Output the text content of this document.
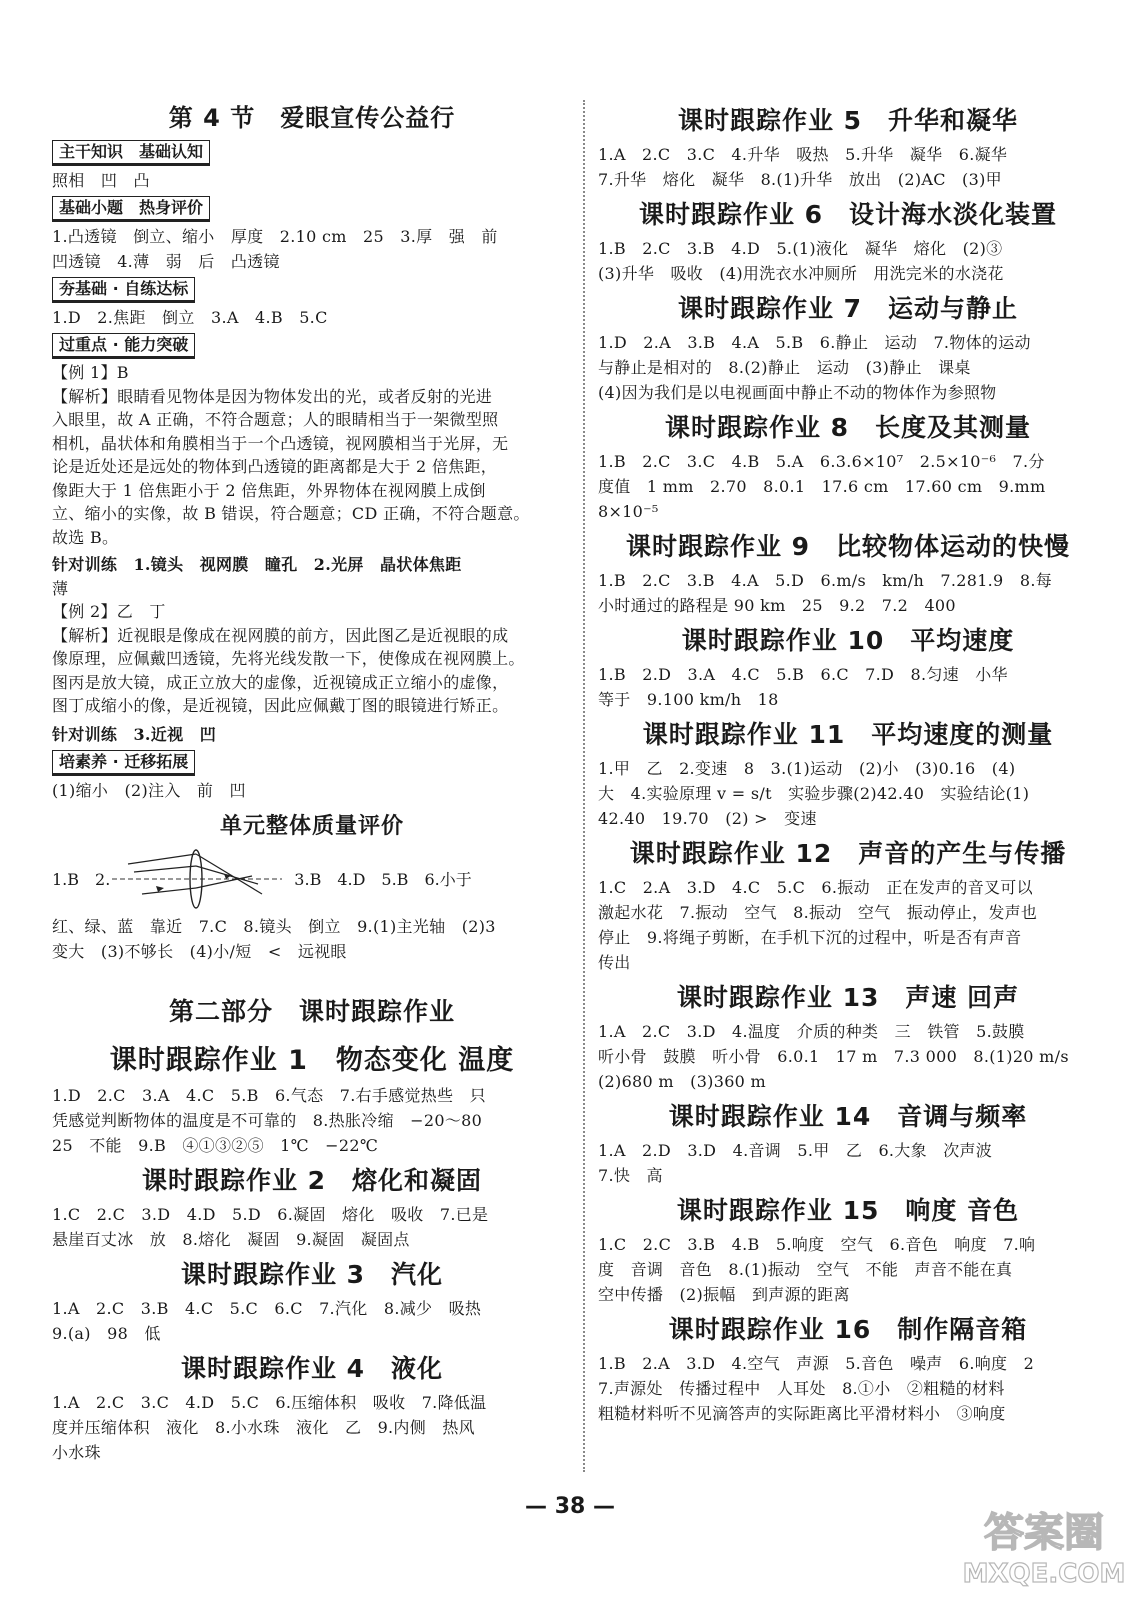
第 4 节　爱眼宣传公益行
主干知识　基础认知

照相　凹　凸

基础小题　热身评价

1.凸透镜　倒立、缩小　厚度　2.10 cm　25　3.厚　强　前

凹透镜　4.薄　弱　后　凸透镜

夯基础 · 自练达标

1.D　2.焦距　倒立　3.A　4.B　5.C

过重点 · 能力突破

【例 1】B

【解析】眼睛看见物体是因为物体发出的光，或者反射的光进

入眼里，故 A 正确，不符合题意；人的眼睛相当于一架微型照

相机，晶状体和角膜相当于一个凸透镜，视网膜相当于光屏，无

论是近处还是远处的物体到凸透镜的距离都是大于 2 倍焦距，

像距大于 1 倍焦距小于 2 倍焦距，外界物体在视网膜上成倒

立、缩小的实像，故 B 错误，符合题意；CD 正确，不符合题意。

故选 B。

针对训练　1.镜头　视网膜　瞳孔　2.光屏　晶状体焦距

薄

【例 2】乙　丁

【解析】近视眼是像成在视网膜的前方，因此图乙是近视眼的成

像原理，应佩戴凹透镜，先将光线发散一下，使像成在视网膜上。

图丙是放大镜，成正立放大的虚像，近视镜成正立缩小的虚像，

图丁成缩小的像，是近视镜，因此应佩戴丁图的眼镜进行矫正。

针对训练　3.近视　凹

培素养 · 迁移拓展

(1)缩小　(2)注入　前　凹

单元整体质量评价
1.B　2.	3.B　4.D　5.B　6.小于

红、绿、蓝　靠近　7.C　8.镜头　倒立　9.(1)主光轴　(2)3

变大　(3)不够长　(4)小/短　<　远视眼

第二部分　课时跟踪作业
课时跟踪作业 1　物态变化 温度

1.D　2.C　3.A　4.C　5.B　6.气态　7.右手感觉热些　只

凭感觉判断物体的温度是不可靠的　8.热胀冷缩　−20～80

25　不能　9.B　④①③②⑤　1℃　−22℃

课时跟踪作业 2　熔化和凝固

1.C　2.C　3.D　4.D　5.D　6.凝固　熔化　吸收　7.已是

悬崖百丈冰　放　8.熔化　凝固　9.凝固　凝固点

课时跟踪作业 3　汽化

1.A　2.C　3.B　4.C　5.C　6.C　7.汽化　8.减少　吸热

9.(a)　98　低

课时跟踪作业 4　液化

1.A　2.C　3.C　4.D　5.C　6.压缩体积　吸收　7.降低温

度并压缩体积　液化　8.小水珠　液化　乙　9.内侧　热风

小水珠

课时跟踪作业 5　升华和凝华

1.A　2.C　3.C　4.升华　吸热　5.升华　凝华　6.凝华

7.升华　熔化　凝华　8.(1)升华　放出　(2)AC　(3)甲

课时跟踪作业 6　设计海水淡化装置

1.B　2.C　3.B　4.D　5.(1)液化　凝华　熔化　(2)③

(3)升华　吸收　(4)用洗衣水冲厕所　用洗完米的水浇花

课时跟踪作业 7　运动与静止

1.D　2.A　3.B　4.A　5.B　6.静止　运动　7.物体的运动

与静止是相对的　8.(2)静止　运动　(3)静止　课桌

(4)因为我们是以电视画面中静止不动的物体作为参照物

课时跟踪作业 8　长度及其测量

1.B　2.C　3.C　4.B　5.A　6.3.6×10⁷　2.5×10⁻⁶　7.分

度值　1 mm　2.70　8.0.1　17.6 cm　17.60 cm　9.mm

8×10⁻⁵

课时跟踪作业 9　比较物体运动的快慢

1.B　2.C　3.B　4.A　5.D　6.m/s　km/h　7.281.9　8.每

小时通过的路程是 90 km　25　9.2　7.2　400

课时跟踪作业 10　平均速度

1.B　2.D　3.A　4.C　5.B　6.C　7.D　8.匀速　小华

等于　9.100 km/h　18

课时跟踪作业 11　平均速度的测量

1.甲　乙　2.变速　8　3.(1)运动　(2)小　(3)0.16　(4)

大　4.实验原理 v = s/t　实验步骤(2)42.40　实验结论(1)

42.40　19.70　(2) >　变速

课时跟踪作业 12　声音的产生与传播

1.C　2.A　3.D　4.C　5.C　6.振动　正在发声的音叉可以

激起水花　7.振动　空气　8.振动　空气　振动停止，发声也

停止　9.将绳子剪断，在手机下沉的过程中，听是否有声音

传出

课时跟踪作业 13　声速 回声

1.A　2.C　3.D　4.温度　介质的种类　三　铁管　5.鼓膜

听小骨　鼓膜　听小骨　6.0.1　17 m　7.3 000　8.(1)20 m/s

(2)680 m　(3)360 m

课时跟踪作业 14　音调与频率

1.A　2.D　3.D　4.音调　5.甲　乙　6.大象　次声波

7.快　高

课时跟踪作业 15　响度 音色

1.C　2.C　3.B　4.B　5.响度　空气　6.音色　响度　7.响

度　音调　音色　8.(1)振动　空气　不能　声音不能在真

空中传播　(2)振幅　到声源的距离

课时跟踪作业 16　制作隔音箱

1.B　2.A　3.D　4.空气　声源　5.音色　噪声　6.响度　2

7.声源处　传播过程中　人耳处　8.①小　②粗糙的材料

粗糙材料听不见滴答声的实际距离比平滑材料小　③响度

— 38 —
答案圈
MXQE.COM
